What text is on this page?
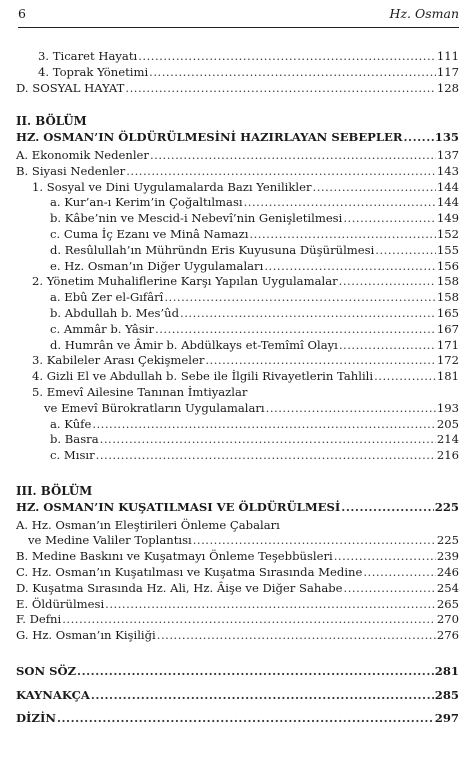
6	Hz. Osman
3. Ticaret Hayatı .....	111
4. Toprak Yönetimi .....	117
D. SOSYAL HAYAT .....	128
II. BÖLÜM
HZ. OSMAN’IN ÖLDÜRÜLMESİNİ HAZIRLAYAN SEBEPLER .....	135
A. Ekonomik Nedenler .....	137
B. Siyasi Nedenler .....	143
1. Sosyal ve Dini Uygulamalarda Bazı Yenilikler .....	144
a. Kur’an-ı Kerim’in Çoğaltılması .....	144
b. Kâbe’nin ve Mescid-i Nebevî’nin Genişletilmesi .....	149
c. Cuma İç Ezanı ve Minâ Namazı .....	152
d. Resûlullah’ın Mühründn Eris Kuyusuna Düşürülmesi .....	155
e. Hz. Osman’ın Diğer Uygulamaları .....	156
2. Yönetim Muhaliflerine Karşı Yapılan Uygulamalar .....	158
a. Ebû Zer el-Gıfârî .....	158
b. Abdullah b. Mes’ûd .....	165
c. Ammâr b. Yâsir .....	167
d. Humrân ve Âmir b. Abdülkays et-Temîmî Olayı .....	171
3. Kabileler Arası Çekişmeler .....	172
4. Gizli El ve Abdullah b. Sebe ile İlgili Rivayetlerin Tahlili .....	181
5. Emevî Ailesine Tanınan İmtiyazlar
ve Emevî Bürokratların Uygulamaları .....	193
a. Kûfe .....	205
b. Basra .....	214
c. Mısır .....	216
III. BÖLÜM
HZ. OSMAN’IN KUŞATILMASI VE ÖLDÜRÜLMESİ .....	225
A. Hz. Osman’ın Eleştirileri Önleme Çabaları
ve Medine Valiler Toplantısı .....	225
B. Medine Baskını ve Kuşatmayı Önleme Teşebbüsleri .....	239
C. Hz. Osman’ın Kuşatılması ve Kuşatma Sırasında Medine .....	246
D. Kuşatma Sırasında Hz. Ali, Hz. Âişe ve Diğer Sahabe .....	254
E. Öldürülmesi .....	265
F. Defni .....	270
G. Hz. Osman’ın Kişiliği .....	276
SON SÖZ .....	281
KAYNAKÇA .....	285
DİZİN .....	297
